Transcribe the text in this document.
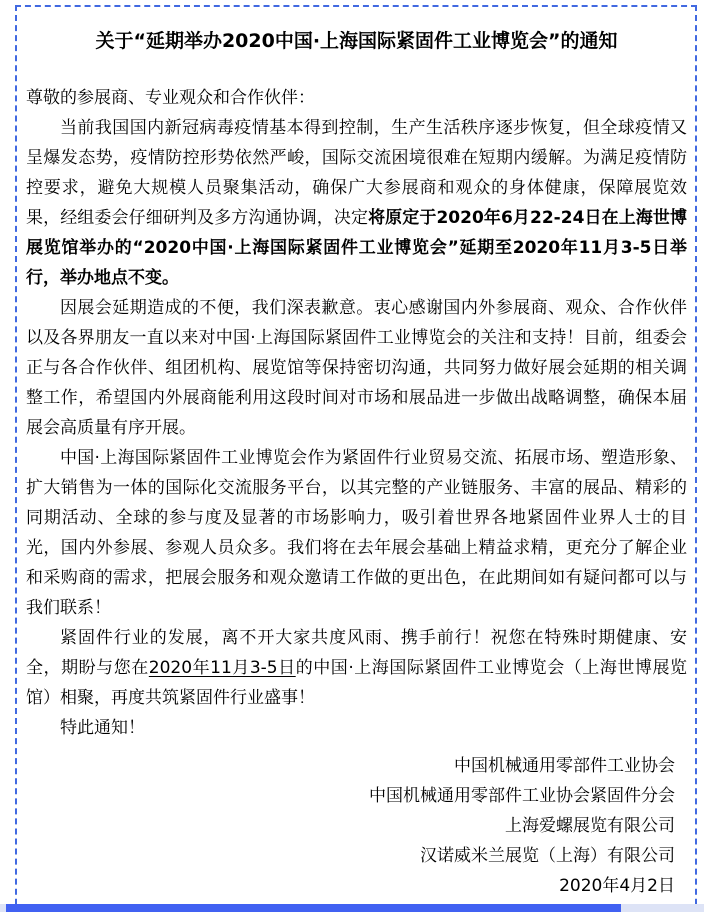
关于“延期举办2020中国·上海国际紧固件工业博览会”的通知

尊敬的参展商、专业观众和合作伙伴：

当前我国国内新冠病毒疫情基本得到控制，生产生活秩序逐步恢复，但全球疫情又呈爆发态势，疫情防控形势依然严峻，国际交流困境很难在短期内缓解。为满足疫情防控要求，避免大规模人员聚集活动，确保广大参展商和观众的身体健康，保障展览效果，经组委会仔细研判及多方沟通协调，决定将原定于2020年6月22-24日在上海世博展览馆举办的“2020中国·上海国际紧固件工业博览会”延期至2020年11月3-5日举行，举办地点不变。

因展会延期造成的不便，我们深表歉意。衷心感谢国内外参展商、观众、合作伙伴以及各界朋友一直以来对中国·上海国际紧固件工业博览会的关注和支持！目前，组委会正与各合作伙伴、组团机构、展览馆等保持密切沟通，共同努力做好展会延期的相关调整工作，希望国内外展商能利用这段时间对市场和展品进一步做出战略调整，确保本届展会高质量有序开展。

中国·上海国际紧固件工业博览会作为紧固件行业贸易交流、拓展市场、塑造形象、扩大销售为一体的国际化交流服务平台，以其完整的产业链服务、丰富的展品、精彩的同期活动、全球的参与度及显著的市场影响力，吸引着世界各地紧固件业界人士的目光，国内外参展、参观人员众多。我们将在去年展会基础上精益求精，更充分了解企业和采购商的需求，把展会服务和观众邀请工作做的更出色，在此期间如有疑问都可以与我们联系！

紧固件行业的发展，离不开大家共度风雨、携手前行！祝您在特殊时期健康、安全，期盼与您在2020年11月3-5日的中国·上海国际紧固件工业博览会（上海世博展览馆）相聚，再度共筑紧固件行业盛事！

特此通知！

中国机械通用零部件工业协会
中国机械通用零部件工业协会紧固件分会
上海爱螺展览有限公司
汉诺威米兰展览（上海）有限公司
2020年4月2日
